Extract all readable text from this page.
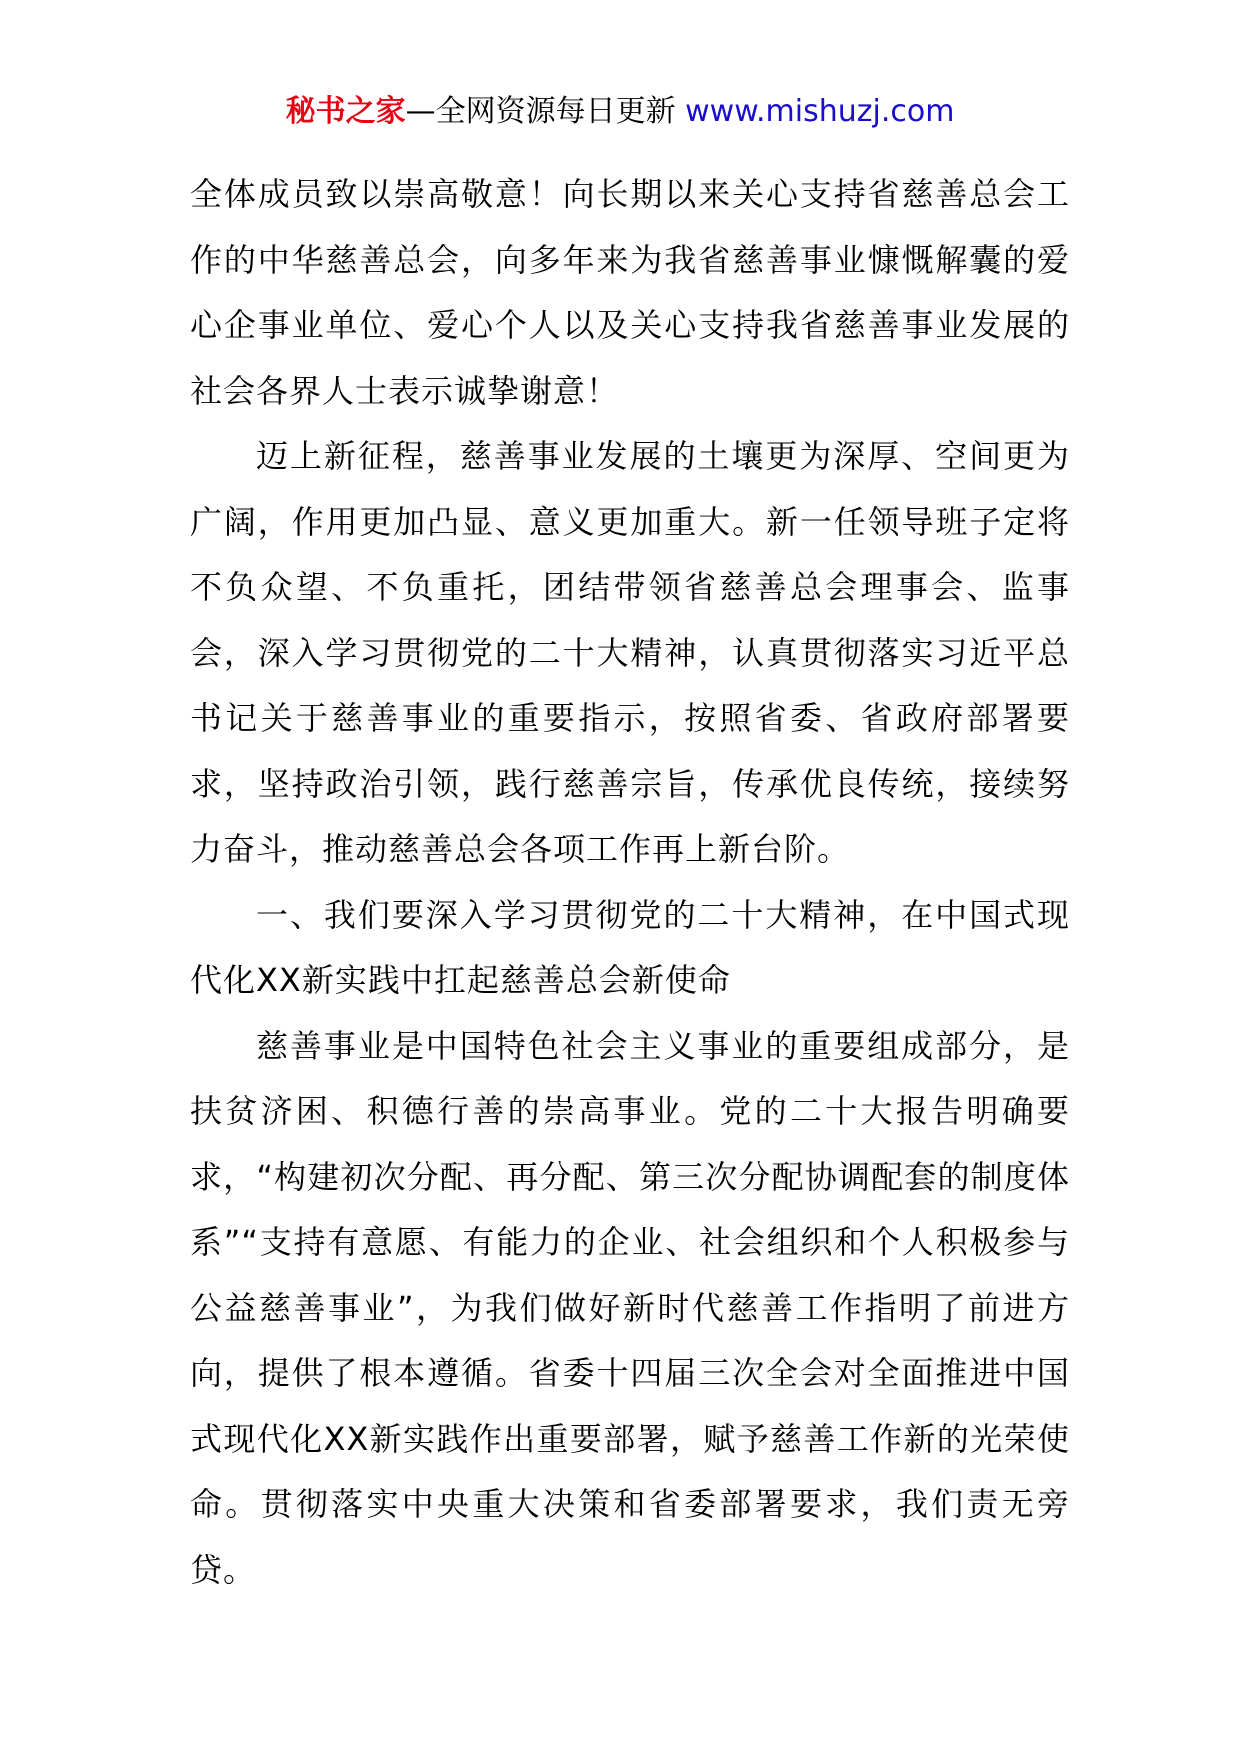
秘书之家—全网资源每日更新 www.mishuzj.com

全体成员致以崇高敬意！向长期以来关心支持省慈善总会工作的中华慈善总会，向多年来为我省慈善事业慷慨解囊的爱心企事业单位、爱心个人以及关心支持我省慈善事业发展的社会各界人士表示诚挚谢意！

迈上新征程，慈善事业发展的土壤更为深厚、空间更为广阔，作用更加凸显、意义更加重大。新一任领导班子定将不负众望、不负重托，团结带领省慈善总会理事会、监事会，深入学习贯彻党的二十大精神，认真贯彻落实习近平总书记关于慈善事业的重要指示，按照省委、省政府部署要求，坚持政治引领，践行慈善宗旨，传承优良传统，接续努力奋斗，推动慈善总会各项工作再上新台阶。

一、我们要深入学习贯彻党的二十大精神，在中国式现代化XX新实践中扛起慈善总会新使命

慈善事业是中国特色社会主义事业的重要组成部分，是扶贫济困、积德行善的崇高事业。党的二十大报告明确要求，“构建初次分配、再分配、第三次分配协调配套的制度体系”“支持有意愿、有能力的企业、社会组织和个人积极参与公益慈善事业”，为我们做好新时代慈善工作指明了前进方向，提供了根本遵循。省委十四届三次全会对全面推进中国式现代化XX新实践作出重要部署，赋予慈善工作新的光荣使命。贯彻落实中央重大决策和省委部署要求，我们责无旁贷。
